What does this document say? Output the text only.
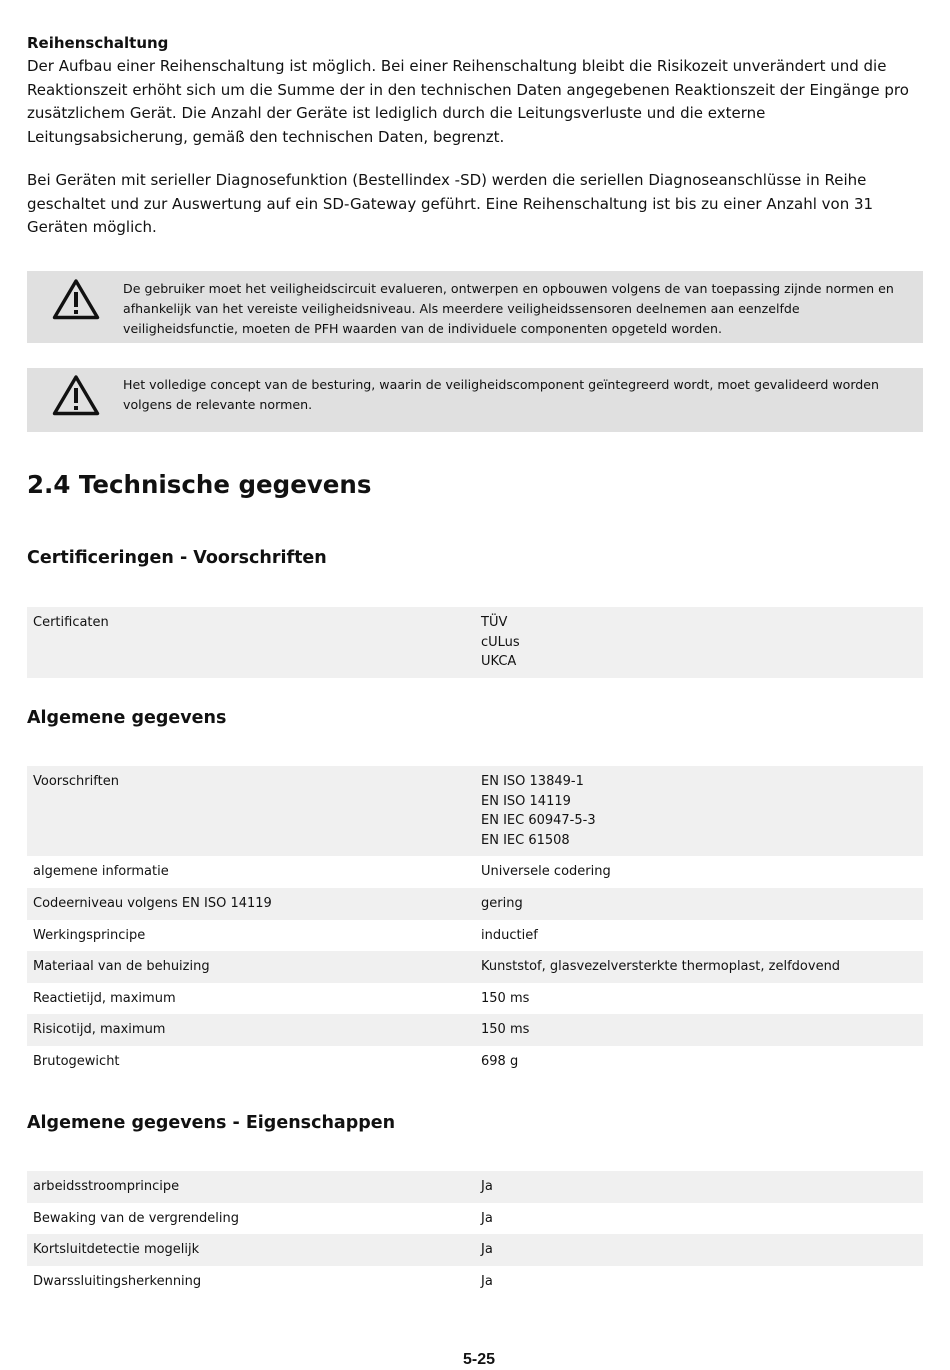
Reihenschaltung
Der Aufbau einer Reihenschaltung ist möglich. Bei einer Reihenschaltung bleibt die Risikozeit unverändert und die Reaktionszeit erhöht sich um die Summe der in den technischen Daten angegebenen Reaktionszeit der Eingänge pro zusätzlichem Gerät. Die Anzahl der Geräte ist lediglich durch die Leitungsverluste und die externe Leitungsabsicherung, gemäß den technischen Daten, begrenzt.
Bei Geräten mit serieller Diagnosefunktion (Bestellindex -SD) werden die seriellen Diagnoseanschlüsse in Reihe geschaltet und zur Auswertung auf ein SD-Gateway geführt. Eine Reihenschaltung ist bis zu einer Anzahl von 31 Geräten möglich.
De gebruiker moet het veiligheidscircuit evalueren, ontwerpen en opbouwen volgens de van toepassing zijnde normen en afhankelijk van het vereiste veiligheidsniveau. Als meerdere veiligheidssensoren deelnemen aan eenzelfde veiligheidsfunctie, moeten de PFH waarden van de individuele componenten opgeteld worden.
Het volledige concept van de besturing, waarin de veiligheidscomponent geïntegreerd wordt, moet gevalideerd worden volgens de relevante normen.
2.4 Technische gegevens
Certificeringen - Voorschriften
Certificaten	TÜV
cULus
UKCA
Algemene gegevens
Voorschriften	EN ISO 13849-1
EN ISO 14119
EN IEC 60947-5-3
EN IEC 61508
algemene informatie	Universele codering
Codeerniveau volgens EN ISO 14119	gering
Werkingsprincipe	inductief
Materiaal van de behuizing	Kunststof, glasvezelversterkte thermoplast, zelfdovend
Reactietijd, maximum	150 ms
Risicotijd, maximum	150 ms
Brutogewicht	698 g
Algemene gegevens - Eigenschappen
arbeidsstroomprincipe	Ja
Bewaking van de vergrendeling	Ja
Kortsluitdetectie mogelijk	Ja
Dwarssluitingsherkenning	Ja
5-25
